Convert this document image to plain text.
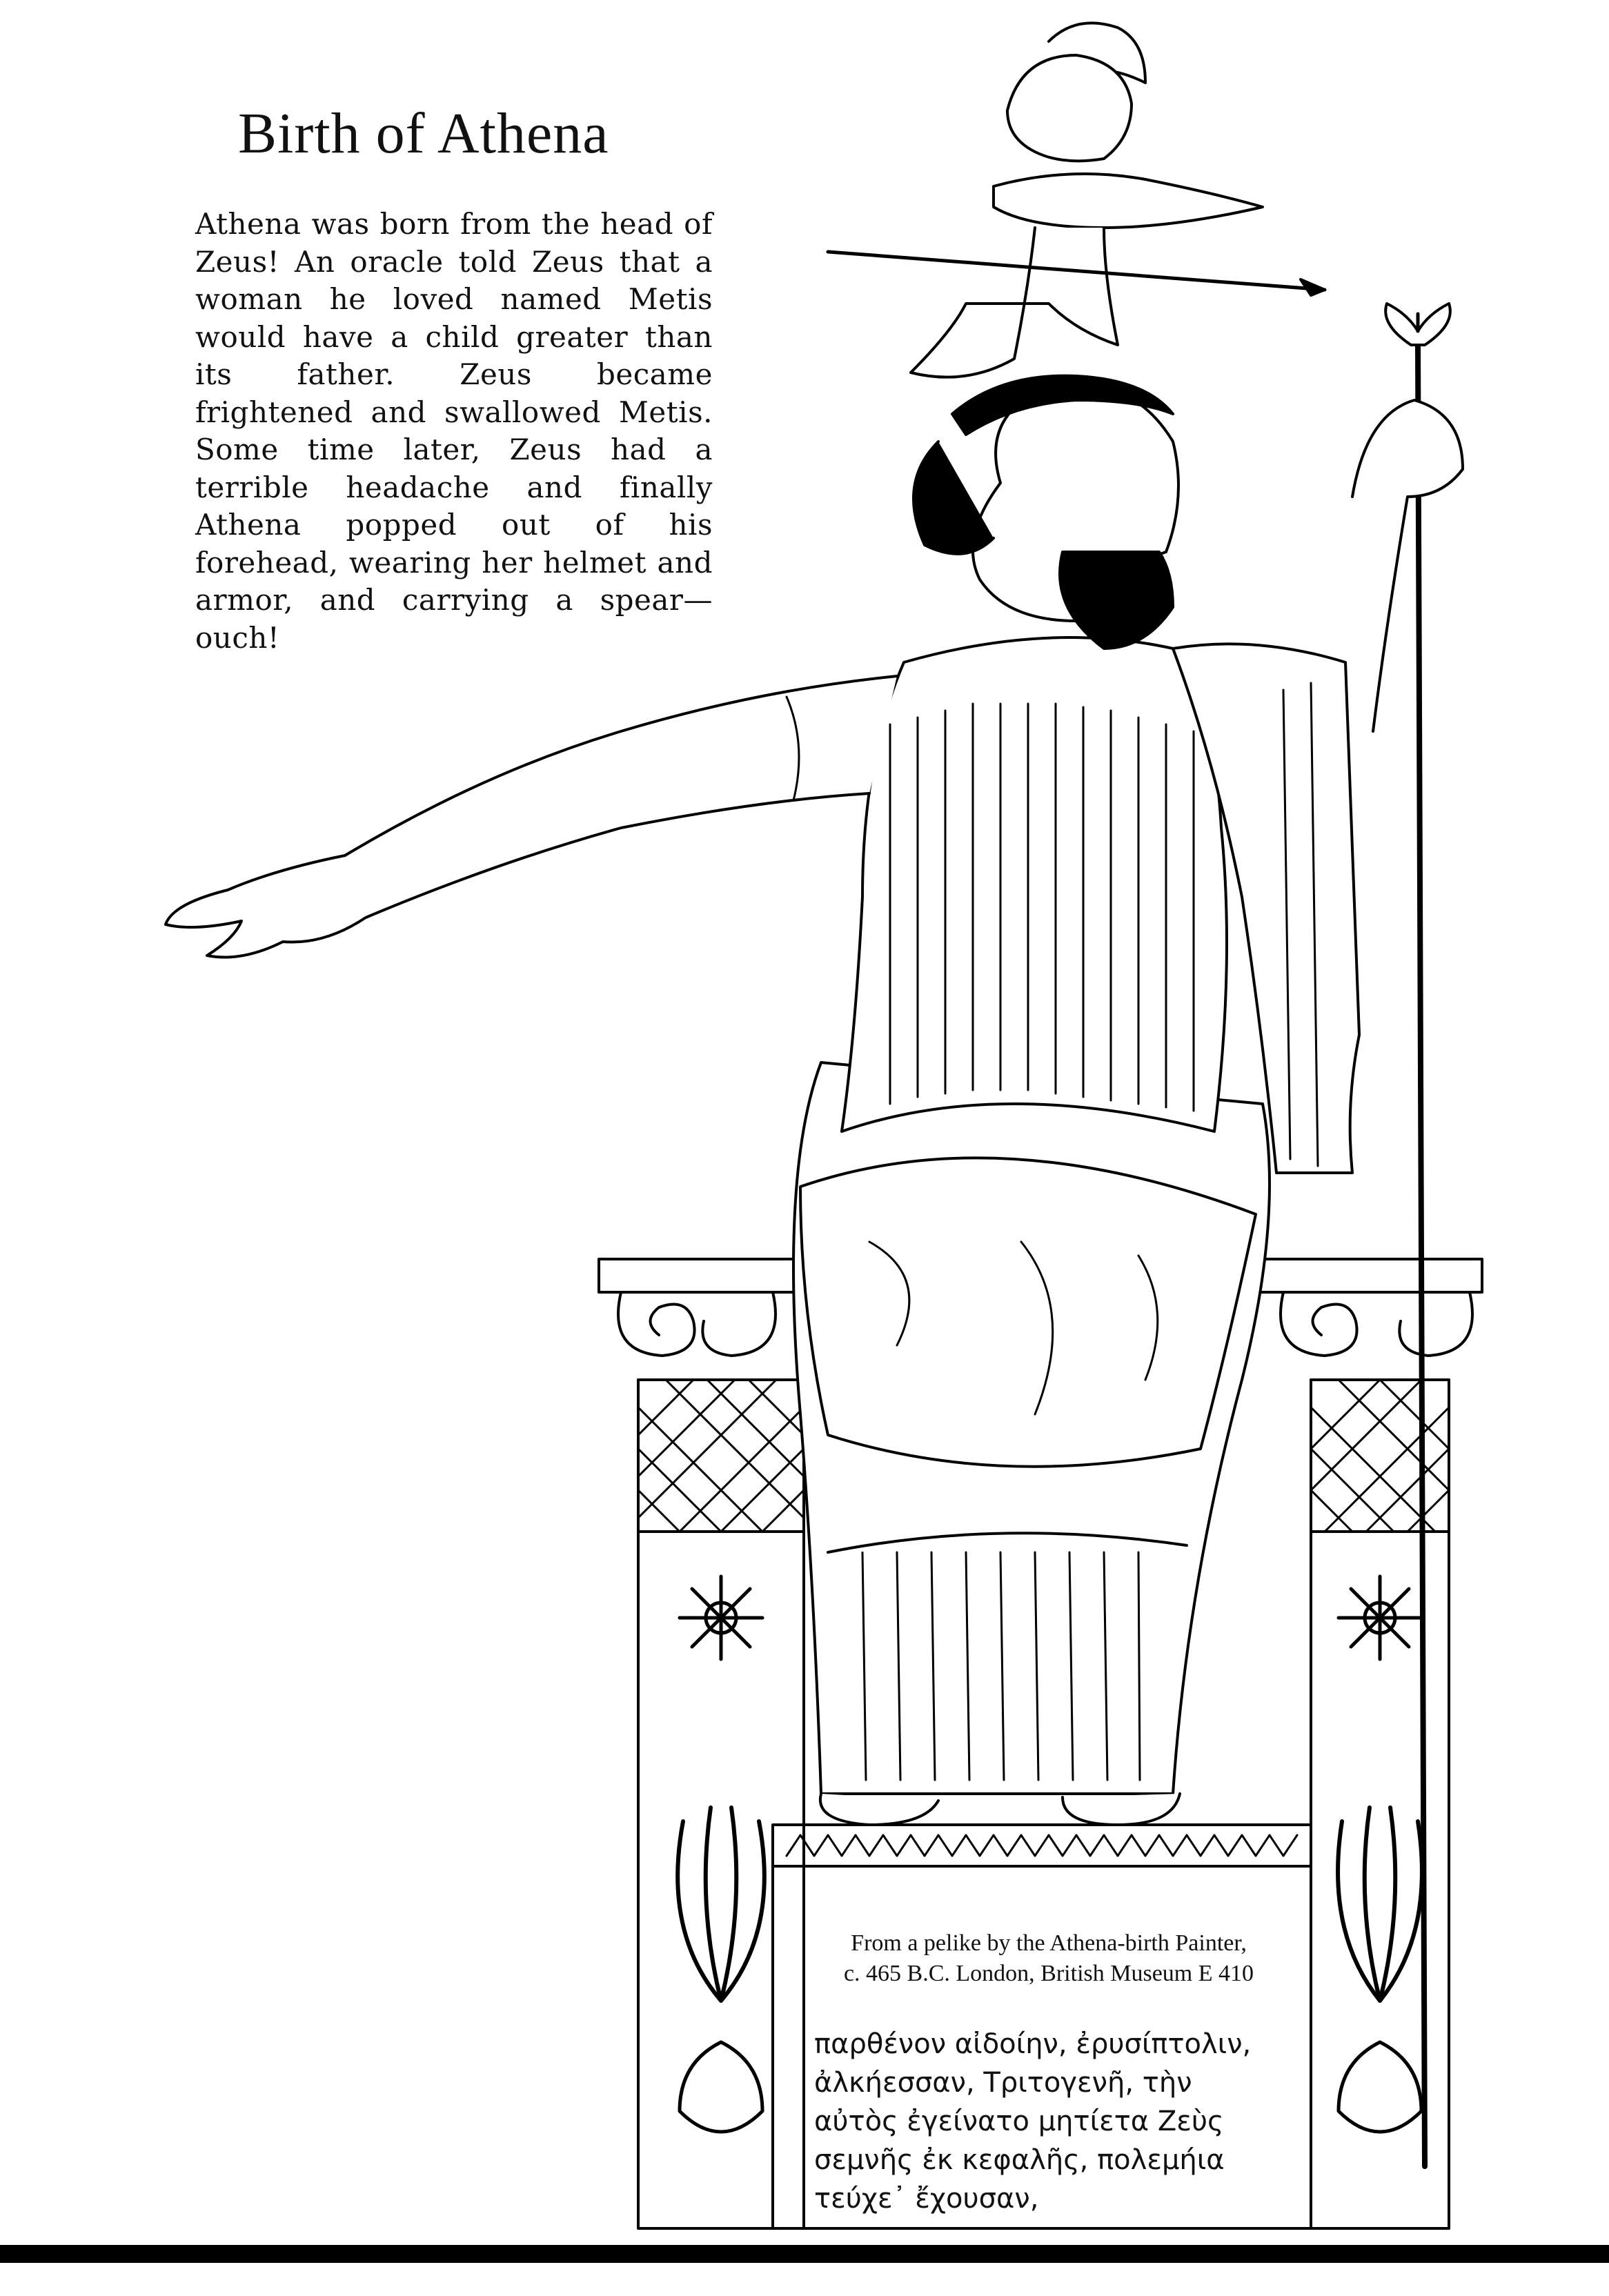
Birth of Athena

Athena was born from the head of Zeus! An oracle told Zeus that a woman he loved named Metis would have a child greater than its father. Zeus became frightened and swallowed Metis. Some time later, Zeus had a terrible headache and finally Athena popped out of his forehead, wearing her helmet and armor, and carrying a spear—ouch!

From a pelike by the Athena-birth Painter,
c. 465 B.C. London, British Museum E 410
παρθένον αἰδοίην, ἐρυσίπτολιν,
ἀλκήεσσαν, Τριτογενῆ, τὴν
αὐτὸς ἐγείνατο μητίετα Ζεὺς
σεμνῆς ἐκ κεφαλῆς, πολεμήια
τεύχε᾽ ἔχουσαν,
